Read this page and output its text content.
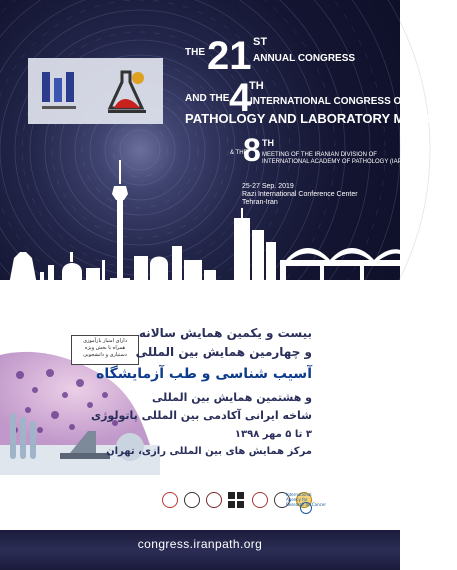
THE 21 ST
ANNUAL CONGRESS
AND THE 4
TH
INTERNATIONAL CONGRESS OF
PATHOLOGY AND LABORATORY MEDICINE
& THE
8 TH
MEETING OF THE IRANIAN DIVISION OF
INTERNATIONAL ACADEMY OF PATHOLOGY (IAP)
25-27 Sep. 2019
Razi International Conference Center
Tehran-Iran
دارای امتیاز بازآموزی
همراه با بخش ویژه
دستیاری و دانشجویی
بیست و یکمین همایش سالانه
و چهارمین همایش بین المللی
آسیب شناسی و طب آزمایشگاه
و هشتمین همایش بین المللی
شاخه ایرانی آکادمی بین المللی پاتولوژی
۳ تا ۵ مهر ۱۳۹۸
مرکز همایش های بین المللی رازی، تهران
International Agency for Research on Cancer
congress.iranpath.org
